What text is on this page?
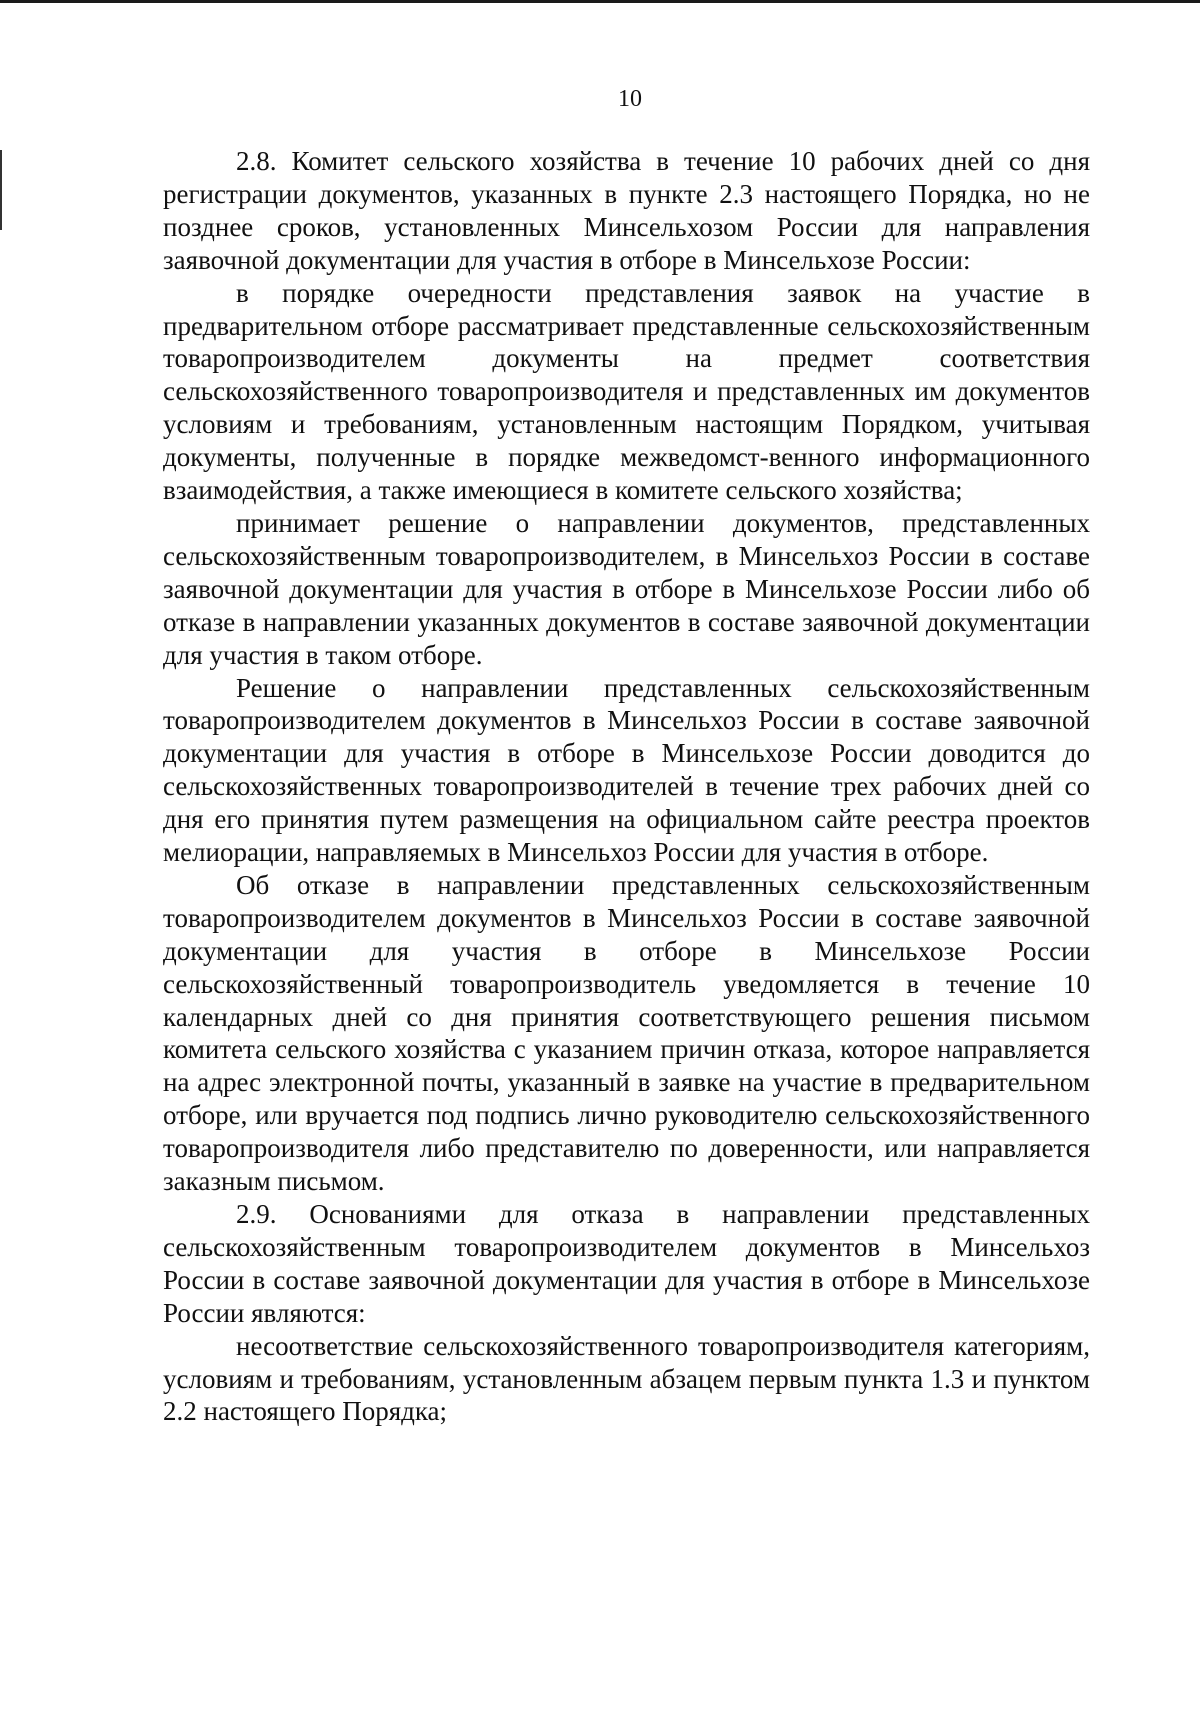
10

2.8. Комитет сельского хозяйства в течение 10 рабочих дней со дня регистрации документов, указанных в пункте 2.3 настоящего Порядка, но не позднее сроков, установленных Минсельхозом России для направления заявочной документации для участия в отборе в Минсельхозе России:

в порядке очередности представления заявок на участие в предварительном отборе рассматривает представленные сельскохозяйственным товаропроизводителем документы на предмет соответствия сельскохозяйственного товаропроизводителя и представленных им документов условиям и требованиям, установленным настоящим Порядком, учитывая документы, полученные в порядке межведомст-венного информационного взаимодействия, а также имеющиеся в комитете сельского хозяйства;

принимает решение о направлении документов, представленных сельскохозяйственным товаропроизводителем, в Минсельхоз России в составе заявочной документации для участия в отборе в Минсельхозе России либо об отказе в направлении указанных документов в составе заявочной документации для участия в таком отборе.

Решение о направлении представленных сельскохозяйственным товаропроизводителем документов в Минсельхоз России в составе заявочной документации для участия в отборе в Минсельхозе России доводится до сельскохозяйственных товаропроизводителей в течение трех рабочих дней со дня его принятия путем размещения на официальном сайте реестра проектов мелиорации, направляемых в Минсельхоз России для участия в отборе.

Об отказе в направлении представленных сельскохозяйственным товаропроизводителем документов в Минсельхоз России в составе заявочной документации для участия в отборе в Минсельхозе России сельскохозяйственный товаропроизводитель уведомляется в течение 10 календарных дней со дня принятия соответствующего решения письмом комитета сельского хозяйства с указанием причин отказа, которое направляется на адрес электронной почты, указанный в заявке на участие в предварительном отборе, или вручается под подпись лично руководителю сельскохозяйственного товаропроизводителя либо представителю по доверенности, или направляется заказным письмом.

2.9. Основаниями для отказа в направлении представленных сельскохозяйственным товаропроизводителем документов в Минсельхоз России в составе заявочной документации для участия в отборе в Минсельхозе России являются:

несоответствие сельскохозяйственного товаропроизводителя категориям, условиям и требованиям, установленным абзацем первым пункта 1.3 и пунктом 2.2 настоящего Порядка;
